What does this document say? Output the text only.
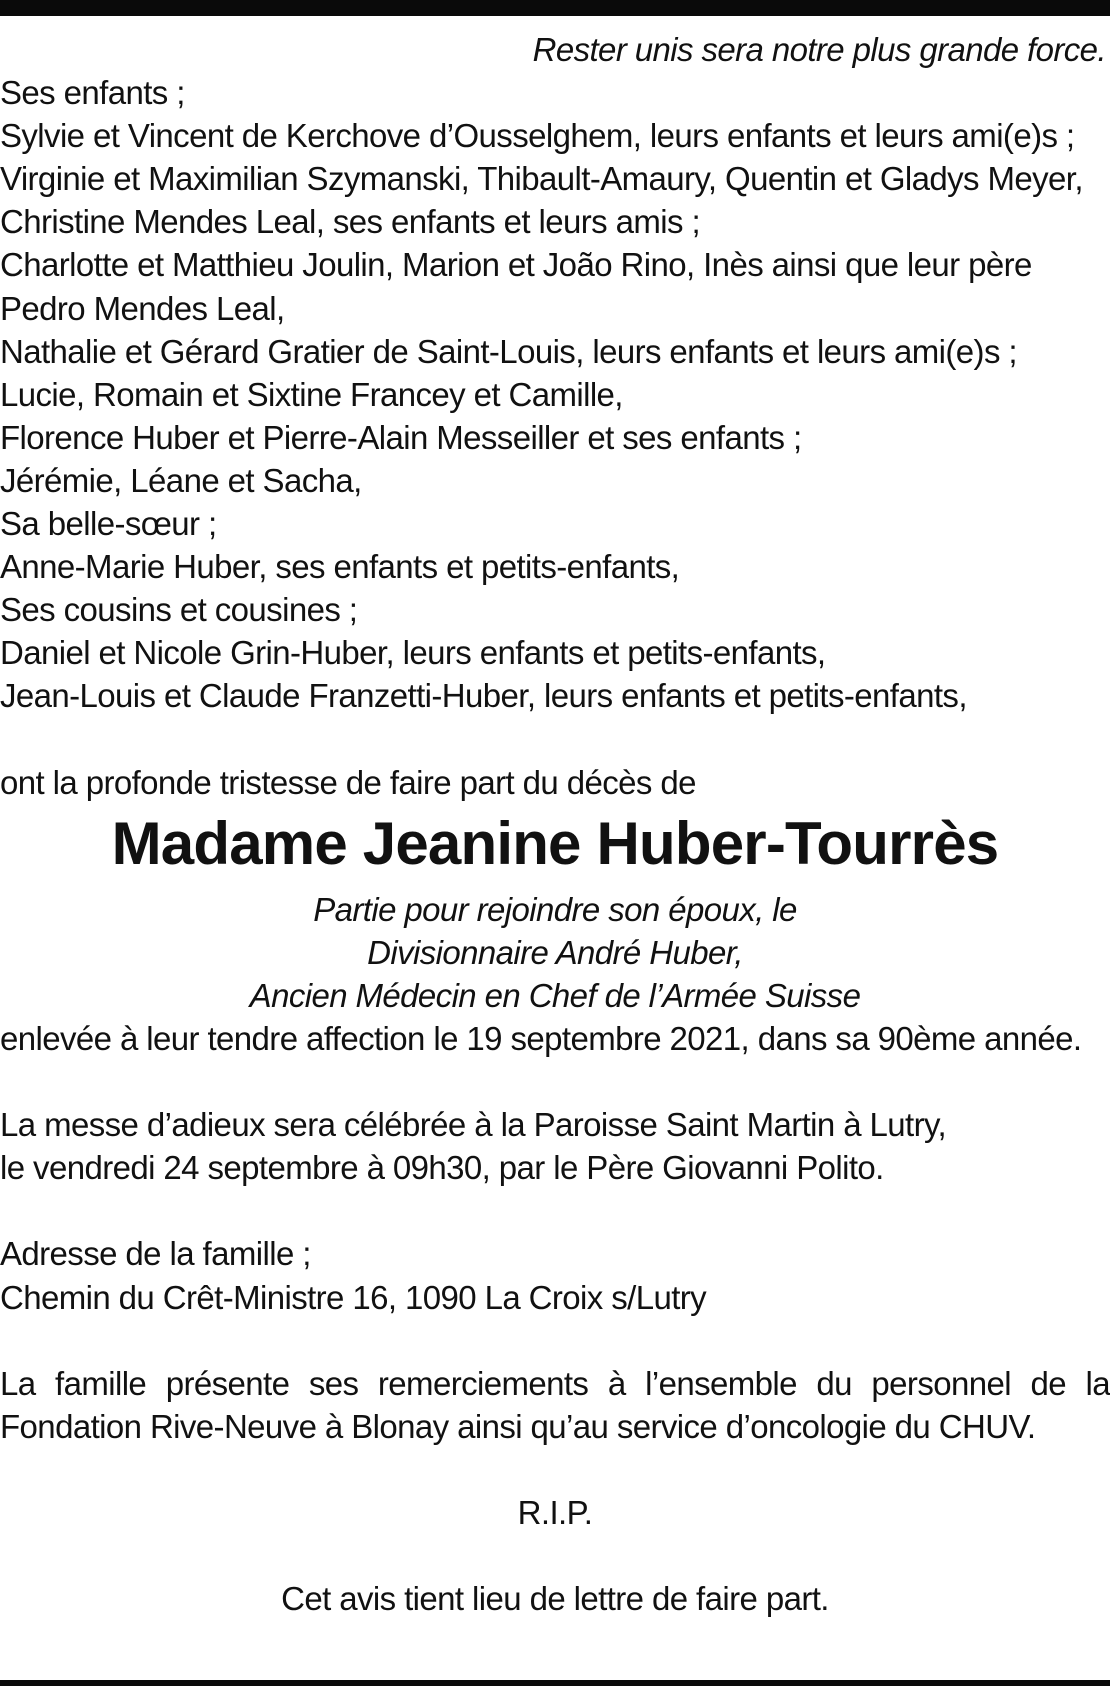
Rester unis sera notre plus grande force.
Ses enfants ;
Sylvie et Vincent de Kerchove d’Ousselghem, leurs enfants et leurs ami(e)s ;
Virginie et Maximilian Szymanski, Thibault-Amaury, Quentin et Gladys Meyer,
Christine Mendes Leal, ses enfants et leurs amis ;
Charlotte et Matthieu Joulin, Marion et João Rino, Inès ainsi que leur père
Pedro Mendes Leal,
Nathalie et Gérard Gratier de Saint-Louis, leurs enfants et leurs ami(e)s ;
Lucie, Romain et Sixtine Francey et Camille,
Florence Huber et Pierre-Alain Messeiller et ses enfants ;
Jérémie, Léane et Sacha,
Sa belle-sœur ;
Anne-Marie Huber, ses enfants et petits-enfants,
Ses cousins et cousines ;
Daniel et Nicole Grin-Huber, leurs enfants et petits-enfants,
Jean-Louis et Claude Franzetti-Huber, leurs enfants et petits-enfants,
ont la profonde tristesse de faire part du décès de
Madame Jeanine Huber-Tourrès
Partie pour rejoindre son époux, le
Divisionnaire André Huber,
Ancien Médecin en Chef de l’Armée Suisse
enlevée à leur tendre affection le 19 septembre 2021, dans sa 90ème année.
La messe d’adieux sera célébrée à la Paroisse Saint Martin à Lutry,
le vendredi 24 septembre à 09h30, par le Père Giovanni Polito.
Adresse de la famille ;
Chemin du Crêt-Ministre 16, 1090 La Croix s/Lutry
La famille présente ses remerciements à l’ensemble du personnel de la
Fondation Rive-Neuve à Blonay ainsi qu’au service d’oncologie du CHUV.
R.I.P.
Cet avis tient lieu de lettre de faire part.
